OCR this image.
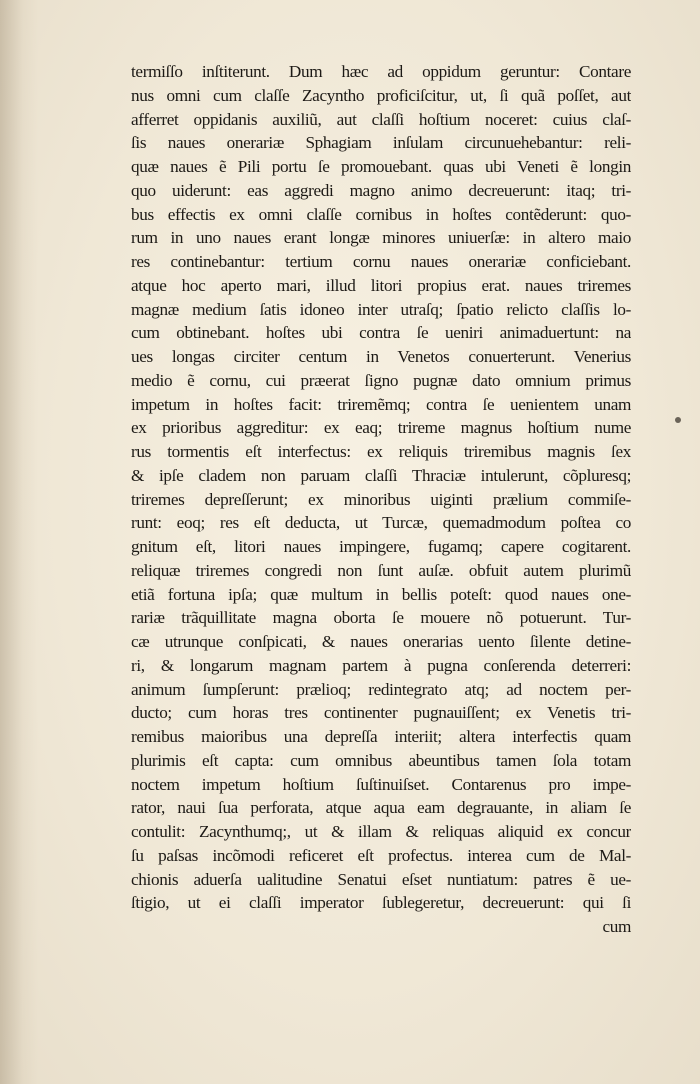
termiſſo inſtiterunt. Dum hæc ad oppidum geruntur: Contare
nus omni cum claſſe Zacyntho proficiſcitur, ut, ſi quã poſſet, aut
afferret oppidanis auxiliũ, aut claſſi hoſtium noceret: cuius claſ-
ſis naues onerariæ Sphagiam inſulam circunuehebantur: reli-
quæ naues ẽ Pili portu ſe promouebant. quas ubi Veneti ẽ longin
quo uiderunt: eas aggredi magno animo decreuerunt: itaq; tri-
bus effectis ex omni claſſe cornibus in hoſtes contẽderunt: quo-
rum in uno naues erant longæ minores uniuerſæ: in altero maio
res continebantur: tertium cornu naues onerariæ conficiebant.
atque hoc aperto mari, illud litori propius erat. naues triremes
magnæ medium ſatis idoneo inter utraſq; ſpatio relicto claſſis lo-
cum obtinebant. hoſtes ubi contra ſe ueniri animaduertunt: na
ues longas circiter centum in Venetos conuerterunt. Venerius
medio ẽ cornu, cui præerat ſigno pugnæ dato omnium primus
impetum in hoſtes facit: triremẽmq; contra ſe uenientem unam
ex prioribus aggreditur: ex eaq; trireme magnus hoſtium nume
rus tormentis eſt interfectus: ex reliquis triremibus magnis ſex
& ipſe cladem non paruam claſſi Thraciæ intulerunt, cõpluresq;
triremes depreſſerunt; ex minoribus uiginti prælium commiſe-
runt: eoq; res eſt deducta, ut Turcæ, quemadmodum poſtea co
gnitum eſt, litori naues impingere, fugamq; capere cogitarent.
reliquæ triremes congredi non ſunt auſæ. obfuit autem plurimũ
etiã fortuna ipſa; quæ multum in bellis poteſt: quod naues one-
rariæ trãquillitate magna oborta ſe mouere nõ potuerunt. Tur-
cæ utrunque conſpicati, & naues onerarias uento ſilente detine-
ri, & longarum magnam partem à pugna conſerenda deterreri:
animum ſumpſerunt: prælioq; redintegrato atq; ad noctem per-
ducto; cum horas tres continenter pugnauiſſent; ex Venetis tri-
remibus maioribus una depreſſa interiit; altera interfectis quam
plurimis eſt capta: cum omnibus abeuntibus tamen ſola totam
noctem impetum hoſtium ſuſtinuiſset. Contarenus pro impe-
rator, naui ſua perforata, atque aqua eam degrauante, in aliam ſe
contulit: Zacynthumq;, ut & illam & reliquas aliquid ex concur
ſu paſsas incõmodi reficeret eſt profectus. interea cum de Mal-
chionis aduerſa ualitudine Senatui eſset nuntiatum: patres ẽ ue-
ſtigio, ut ei claſſi imperator ſublegeretur, decreuerunt: qui ſi
cum
